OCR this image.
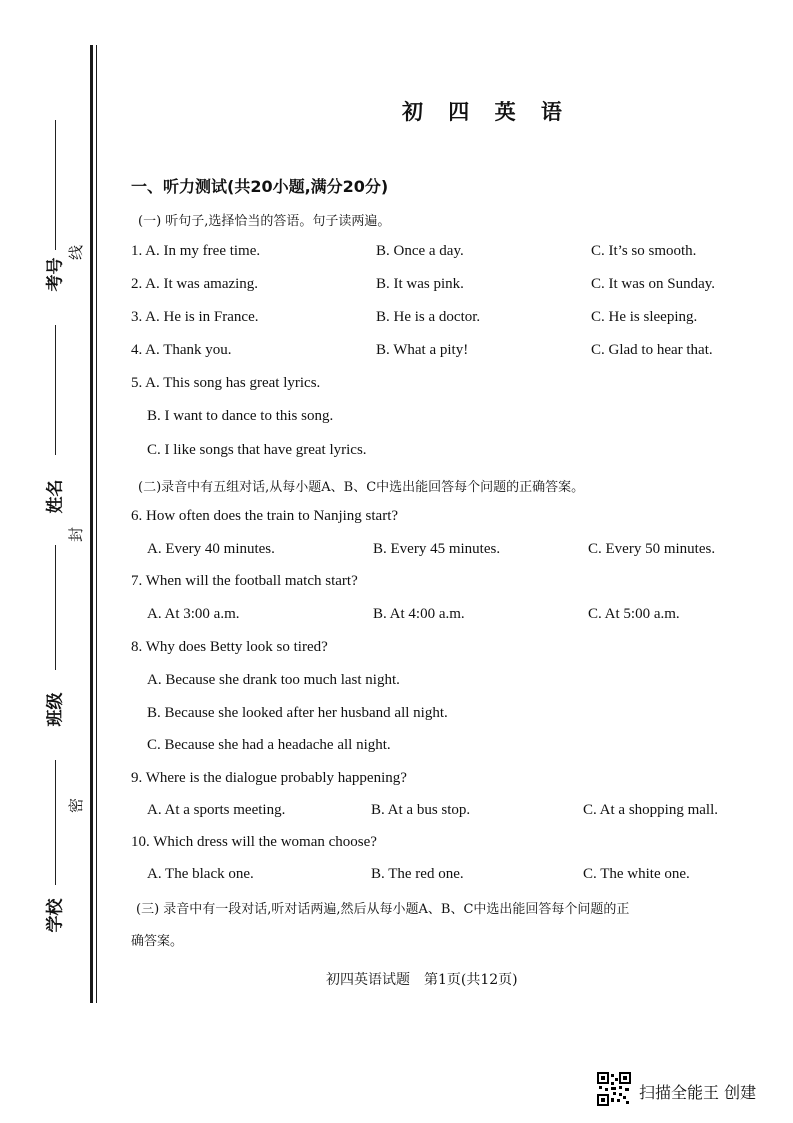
考号
姓名
班级
学校
线
封
密
初 四 英 语
一、听力测试(共20小题,满分20分)
(一) 听句子,选择恰当的答语。句子读两遍。
1. A. In my free time.	B. Once a day.	C. It’s so smooth.
2. A. It was amazing.	B. It was pink.	C. It was on Sunday.
3. A. He is in France.	B. He is a doctor.	C. He is sleeping.
4. A. Thank you.	B. What a pity!	C. Glad to hear that.
5. A. This song has great lyrics.
B. I want to dance to this song.
C. I like songs that have great lyrics.
(二)录音中有五组对话,从每小题A、B、C中选出能回答每个问题的正确答案。
6. How often does the train to Nanjing start?
A. Every 40 minutes.	B. Every 45 minutes.	C. Every 50 minutes.
7. When will the football match start?
A. At 3:00 a.m.	B. At 4:00 a.m.	C. At 5:00 a.m.
8. Why does Betty look so tired?
A. Because she drank too much last night.
B. Because she looked after her husband all night.
C. Because she had a headache all night.
9. Where is the dialogue probably happening?
A. At a sports meeting.	B. At a bus stop.	C. At a shopping mall.
10. Which dress will the woman choose?
A. The black one.	B. The red one.	C. The white one.
(三) 录音中有一段对话,听对话两遍,然后从每小题A、B、C中选出能回答每个问题的正
确答案。
初四英语试题　第1页(共12页)
扫描全能王 创建
